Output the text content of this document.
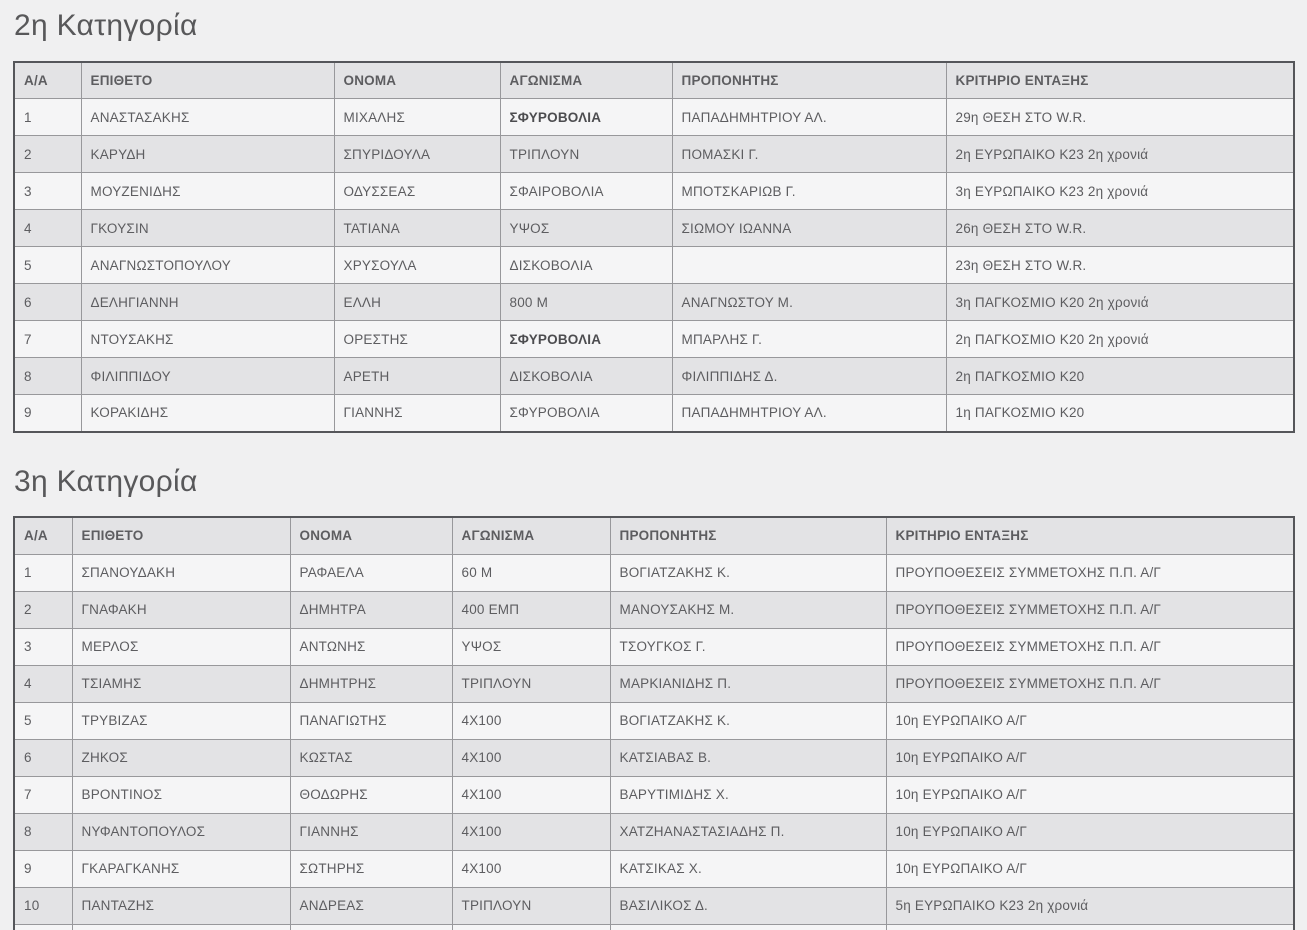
2η Κατηγορία
Α/Α	ΕΠΙΘΕΤΟ	ΟΝΟΜΑ	ΑΓΩΝΙΣΜΑ	ΠΡΟΠΟΝΗΤΗΣ	ΚΡΙΤΗΡΙΟ ΕΝΤΑΞΗΣ
1	ΑΝΑΣΤΑΣΑΚΗΣ	ΜΙΧΑΛΗΣ	ΣΦΥΡΟΒΟΛΙΑ	ΠΑΠΑΔΗΜΗΤΡΙΟΥ ΑΛ.	29η ΘΕΣΗ ΣΤΟ W.R.
2	ΚΑΡΥΔΗ	ΣΠΥΡΙΔΟΥΛΑ	ΤΡΙΠΛΟΥΝ	ΠΟΜΑΣΚΙ Γ.	2η ΕΥΡΩΠΑΙΚΟ Κ23 2η χρονιά
3	ΜΟΥΖΕΝΙΔΗΣ	ΟΔΥΣΣΕΑΣ	ΣΦΑΙΡΟΒΟΛΙΑ	ΜΠΟΤΣΚΑΡΙΩΒ Γ.	3η ΕΥΡΩΠΑΙΚΟ Κ23 2η χρονιά
4	ΓΚΟΥΣΙΝ	ΤΑΤΙΑΝΑ	ΥΨΟΣ	ΣΙΩΜΟΥ ΙΩΑΝΝΑ	26η ΘΕΣΗ ΣΤΟ W.R.
5	ΑΝΑΓΝΩΣΤΟΠΟΥΛΟΥ	ΧΡΥΣΟΥΛΑ	ΔΙΣΚΟΒΟΛΙΑ		23η ΘΕΣΗ ΣΤΟ W.R.
6	ΔΕΛΗΓΙΑΝΝΗ	ΕΛΛΗ	800 Μ	ΑΝΑΓΝΩΣΤΟΥ Μ.	3η ΠΑΓΚΟΣΜΙΟ Κ20 2η χρονιά
7	ΝΤΟΥΣΑΚΗΣ	ΟΡΕΣΤΗΣ	ΣΦΥΡΟΒΟΛΙΑ	ΜΠΑΡΛΗΣ Γ.	2η ΠΑΓΚΟΣΜΙΟ Κ20 2η χρονιά
8	ΦΙΛΙΠΠΙΔΟΥ	ΑΡΕΤΗ	ΔΙΣΚΟΒΟΛΙΑ	ΦΙΛΙΠΠΙΔΗΣ Δ.	2η ΠΑΓΚΟΣΜΙΟ Κ20
9	ΚΟΡΑΚΙΔΗΣ	ΓΙΑΝΝΗΣ	ΣΦΥΡΟΒΟΛΙΑ	ΠΑΠΑΔΗΜΗΤΡΙΟΥ ΑΛ.	1η ΠΑΓΚΟΣΜΙΟ Κ20
3η Κατηγορία
Α/Α	ΕΠΙΘΕΤΟ	ΟΝΟΜΑ	ΑΓΩΝΙΣΜΑ	ΠΡΟΠΟΝΗΤΗΣ	ΚΡΙΤΗΡΙΟ ΕΝΤΑΞΗΣ
1	ΣΠΑΝΟΥΔΑΚΗ	ΡΑΦΑΕΛΑ	60 Μ	ΒΟΓΙΑΤΖΑΚΗΣ Κ.	ΠΡΟΥΠΟΘΕΣΕΙΣ ΣΥΜΜΕΤΟΧΗΣ Π.Π. Α/Γ
2	ΓΝΑΦΑΚΗ	ΔΗΜΗΤΡΑ	400 ΕΜΠ	ΜΑΝΟΥΣΑΚΗΣ Μ.	ΠΡΟΥΠΟΘΕΣΕΙΣ ΣΥΜΜΕΤΟΧΗΣ Π.Π. Α/Γ
3	ΜΕΡΛΟΣ	ΑΝΤΩΝΗΣ	ΥΨΟΣ	ΤΣΟΥΓΚΟΣ Γ.	ΠΡΟΥΠΟΘΕΣΕΙΣ ΣΥΜΜΕΤΟΧΗΣ Π.Π. Α/Γ
4	ΤΣΙΑΜΗΣ	ΔΗΜΗΤΡΗΣ	ΤΡΙΠΛΟΥΝ	ΜΑΡΚΙΑΝΙΔΗΣ Π.	ΠΡΟΥΠΟΘΕΣΕΙΣ ΣΥΜΜΕΤΟΧΗΣ Π.Π. Α/Γ
5	ΤΡΥΒΙΖΑΣ	ΠΑΝΑΓΙΩΤΗΣ	4Χ100	ΒΟΓΙΑΤΖΑΚΗΣ Κ.	10η ΕΥΡΩΠΑΙΚΟ Α/Γ
6	ΖΗΚΟΣ	ΚΩΣΤΑΣ	4Χ100	ΚΑΤΣΙΑΒΑΣ Β.	10η ΕΥΡΩΠΑΙΚΟ Α/Γ
7	ΒΡΟΝΤΙΝΟΣ	ΘΟΔΩΡΗΣ	4Χ100	ΒΑΡΥΤΙΜΙΔΗΣ Χ.	10η ΕΥΡΩΠΑΙΚΟ Α/Γ
8	ΝΥΦΑΝΤΟΠΟΥΛΟΣ	ΓΙΑΝΝΗΣ	4Χ100	ΧΑΤΖΗΑΝΑΣΤΑΣΙΑΔΗΣ Π.	10η ΕΥΡΩΠΑΙΚΟ Α/Γ
9	ΓΚΑΡΑΓΚΑΝΗΣ	ΣΩΤΗΡΗΣ	4Χ100	ΚΑΤΣΙΚΑΣ Χ.	10η ΕΥΡΩΠΑΙΚΟ Α/Γ
10	ΠΑΝΤΑΖΗΣ	ΑΝΔΡΕΑΣ	ΤΡΙΠΛΟΥΝ	ΒΑΣΙΛΙΚΟΣ Δ.	5η ΕΥΡΩΠΑΙΚΟ Κ23 2η χρονιά
